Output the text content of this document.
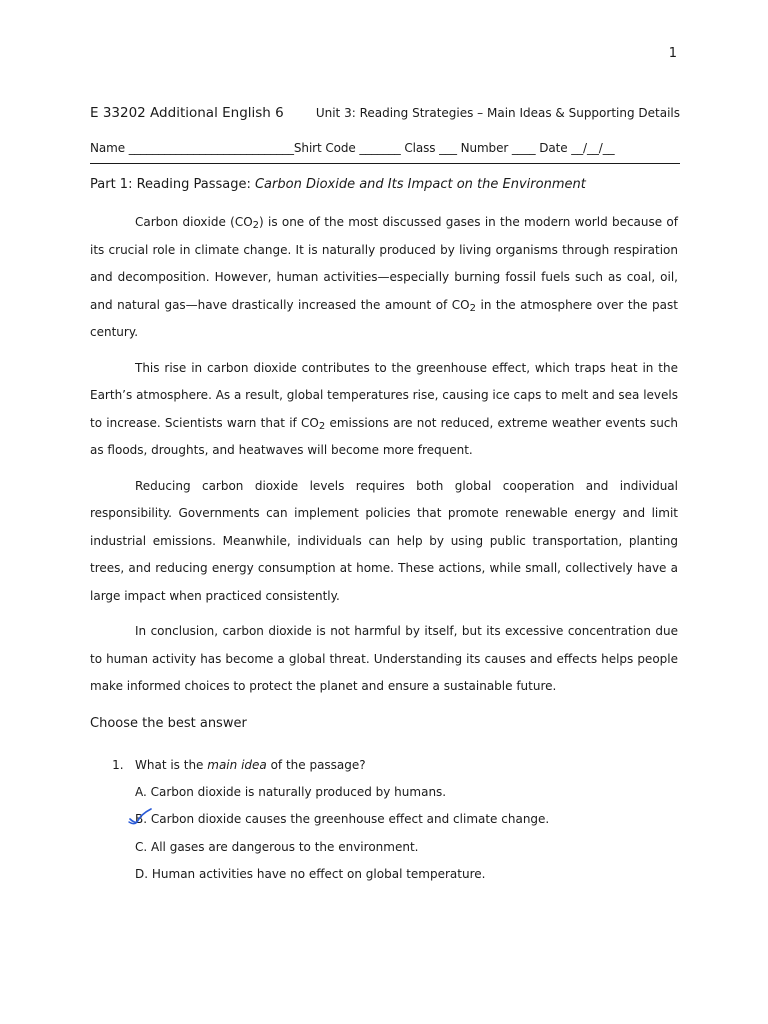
1
E 33202 Additional English 6	Unit 3: Reading Strategies – Main Ideas & Supporting Details
Name ____________________________Shirt Code _______ Class ___ Number ____ Date __/__/__
Part 1: Reading Passage: Carbon Dioxide and Its Impact on the Environment

Carbon dioxide $(CO_2)$ is one of the most discussed gases in the modern world because of its crucial role in climate change. It is naturally produced by living organisms through respiration and decomposition. However, human activities—especially burning fossil fuels such as coal, oil, and natural gas—have drastically increased the amount of $CO_2$ in the atmosphere over the past century.

This rise in carbon dioxide contributes to the greenhouse effect, which traps heat in the Earth’s atmosphere. As a result, global temperatures rise, causing ice caps to melt and sea levels to increase. Scientists warn that if $CO_2$ emissions are not reduced, extreme weather events such as floods, droughts, and heatwaves will become more frequent.

Reducing carbon dioxide levels requires both global cooperation and individual responsibility. Governments can implement policies that promote renewable energy and limit industrial emissions. Meanwhile, individuals can help by using public transportation, planting trees, and reducing energy consumption at home. These actions, while small, collectively have a large impact when practiced consistently.

In conclusion, carbon dioxide is not harmful by itself, but its excessive concentration due to human activity has become a global threat. Understanding its causes and effects helps people make informed choices to protect the planet and ensure a sustainable future.

Choose the best answer
1. What is the main idea of the passage?
A. Carbon dioxide is naturally produced by humans.
B. Carbon dioxide causes the greenhouse effect and climate change.
C. All gases are dangerous to the environment.
D. Human activities have no effect on global temperature.
